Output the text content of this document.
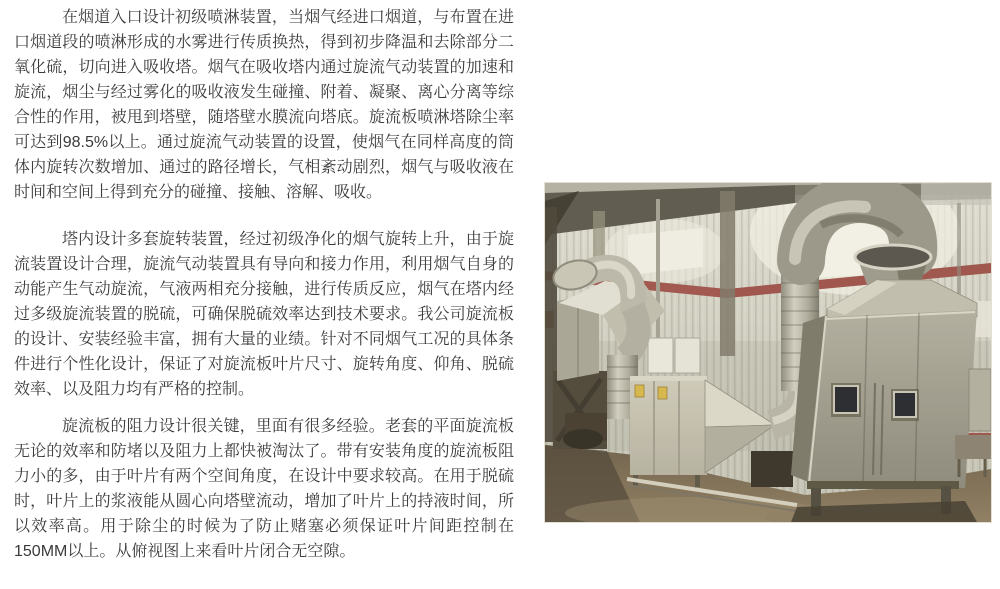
在烟道入口设计初级喷淋装置，当烟气经进口烟道，与布置在进口烟道段的喷淋形成的水雾进行传质换热，得到初步降温和去除部分二氧化硫，切向进入吸收塔。烟气在吸收塔内通过旋流气动装置的加速和旋流，烟尘与经过雾化的吸收液发生碰撞、附着、凝聚、离心分离等综合性的作用，被甩到塔壁，随塔壁水膜流向塔底。旋流板喷淋塔除尘率可达到98.5%以上。通过旋流气动装置的设置，使烟气在同样高度的筒体内旋转次数增加、通过的路径增长，气相紊动剧烈，烟气与吸收液在时间和空间上得到充分的碰撞、接触、溶解、吸收。

塔内设计多套旋转装置，经过初级净化的烟气旋转上升，由于旋流装置设计合理，旋流气动装置具有导向和接力作用，利用烟气自身的动能产生气动旋流，气液两相充分接触，进行传质反应，烟气在塔内经过多级旋流装置的脱硫，可确保脱硫效率达到技术要求。我公司旋流板的设计、安装经验丰富，拥有大量的业绩。针对不同烟气工况的具体条件进行个性化设计，保证了对旋流板叶片尺寸、旋转角度、仰角、脱硫效率、以及阻力均有严格的控制。

旋流板的阻力设计很关键，里面有很多经验。老套的平面旋流板无论的效率和防堵以及阻力上都快被淘汰了。带有安装角度的旋流板阻力小的多，由于叶片有两个空间角度，在设计中要求较高。在用于脱硫时，叶片上的浆液能从圆心向塔壁流动，增加了叶片上的持液时间，所以效率高。用于除尘的时候为了防止赌塞必须保证叶片间距控制在150MM以上。从俯视图上来看叶片闭合无空隙。
